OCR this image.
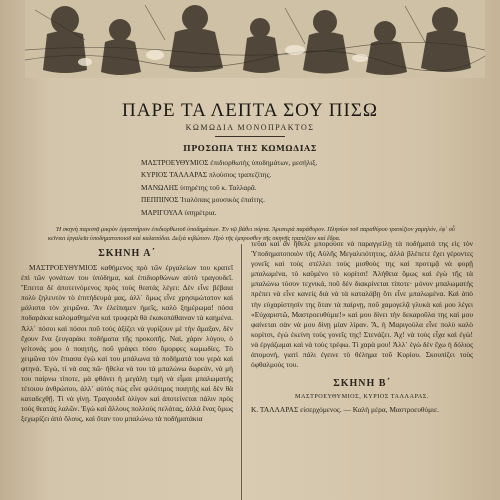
ΠΑΡΕ ΤΑ ΛΕΠΤΑ ΣΟΥ ΠΙΣΩ
ΚΩΜΩΔΙΑ ΜΟΝΟΠΡΑΚΤΟΣ
ΠΡΟΣΩΠΑ ΤΗΣ ΚΩΜΩΔΙΑΣ
ΜΑΣΤΡΟΕΥΘΥΜΙΟΣ ἐπιδιορθωτὴς ὑποδημάτων, μεσήλιξ.
ΚΥΡΙΟΣ ΤΑΛΛΑΡΑΣ πλούσιος τραπεζίτης.
ΜΑΝΩΛΗΣ ὑπηρέτης τοῦ κ. Ταλλαρᾶ.
ΠΕΠΠΙΝΟΣ Ἰταλόπαις μουσικὸς ἐπαίτης.
ΜΑΡΙΓΟΥΛΑ ὑπηρέτρια.

Ἡ σκηνὴ παριστᾷ μικρὸν ἐργαστήριον ἐπιδιορθωτοῦ ὑποδημάτων. Ἐν τῷ βάθει πόρτα. Ἀριστερὰ παράθυρον. Πλησίον τοῦ παραθύρου τραπέζιον χαμηλόν, ἐφ᾽ οὗ κεῖνται ἐργαλεῖα ὑποδηματοποιοῦ καὶ καλαπόδια. Δεξιὰ κιβώτιον. Πρὸ τῆς ἐμπροσθεν τῆς σκηνῆς τραπέζιον καὶ ἕδρα.

ΣΚΗΝΗ Α΄

ΜΑΣΤΡΟΕΥΘΥΜΙΟΣ καθήμενος πρὸ τῶν ἐργαλείων του κρατεῖ ἐπὶ τῶν γονάτων του ὑπόδημα, καὶ ἐπιδιορθώνων αὐτὸ τραγουδεῖ. Ἔπειτα δὲ ἀποτεινόμενος πρὸς τοὺς θεατάς λέγει: Δὲν εἶνε βέβαια πολὺ ζηλευτὸν τὸ ἐπιτήδευμά μας, ἀλλ᾽ ὅμως εἶνε χρησιμώτατον καὶ μάλιστα τὸν χειμῶνα. Ἂν ἐλείπαμεν ἡμεῖς, καλὸ ξημέρωμα! πόσα ποδαράκια καλομαθημένα καὶ τρυφερὰ θὰ ἐκακοπάθαιναν τὰ καημένα. Ἀλλ᾽ πόσοι καὶ πόσοι ποῦ τοὺς ἀξίζει νὰ γυρίζουν μὲ τὴν ἅμαξαν, δὲν ἔχουν ἕνα ζευγαράκι ποδήματα τῆς προκοπῆς. Ναί, χάριν λόγου, ὁ γείτονάς μου ὁ ποιητής, ποῦ γράφει τόσο ὄμορφες κωμωδίες. Τὸ χειμῶνα τὸν ἔπιασα ἐγὼ καὶ του μπάλωνα τὰ ποδήματά του γερὰ καὶ φτηνά. Ἐγώ, τί νὰ σας πῶ· ἤθελα νὰ του τὰ μπαλώνω δωρεάν, νὰ μὴ του παίρνω τίποτε, μὰ φθάνει ἡ μεγάλη τιμὴ νὰ εἶμαι μπαλωματὴς τέτοιου ἀνθρώπου, ἀλλ᾽ αὐτὸς πὼς εἶνε φιλότιμος ποιητής καὶ δὲν θὰ καταδεχθῇ. Τί νὰ γίνῃ. Τραγουδεῖ ὀλίγον καὶ ἀποτείνεται πάλιν πρὸς τοὺς θεατὰς λαλῶν. Ἐγὼ καὶ ἄλλους πολλοὺς πελάτας, ἀλλὰ ἕνας ὅμως ξεχωρίζει ἀπὸ ὅλους, καὶ ὅταν του μπαλώνω τὰ ποδήματάκια

τεῦαι καὶ ἂν ἤθελε μπορούσε νὰ παραγγείλῃ τὰ ποδήματά της εἰς τὸν Ὑποδηματοποιὸν τῆς Αὐλῆς Μεγαλειότητος, ἀλλὰ βλέπετε ἔχει γέροντες γονεῖς καὶ τοὺς στέλλει τοὺς μισθοὺς της καὶ προτιμᾷ νὰ φορῇ μπαλωμένα, τὸ καϋμένο τὸ κορίτσι! Ἀλήθεια ὅμως καὶ ἐγὼ τῆς τὰ μπαλώνω τόσον τεχνικά, ποῦ δὲν διακρίνεται τίποτε· μόνον μπαλωματής πρέπει νὰ εἶνε κανεὶς διὰ νὰ τὰ καταλάβῃ ὅτι εἶνε μπαλωμένα. Καὶ ἀπὸ τὴν εὐχαρίστησίν της ὅταν τὰ παίρνῃ, ποῦ χαμογελᾷ γλυκὰ καὶ μου λέγει «Εὐχαριστῶ, Μαστροευθύμιε!» καὶ μου δίνει τὴν δεκαροῦλα της καὶ μου φαίνεται σὰν νὰ μου δίνῃ μίαν λίραν. Ἄ, ἡ Μαριγούλα εἶνε πολὺ καλὸ κορίτσι, ἐγὼ ἐκείνη τοὺς γονεῖς της! Στενάζει. Ἀχ! νὰ τοὺς εἶχα καὶ ἐγὼ! νὰ ἐργάζωμαι καὶ νὰ τοὺς τρέφω. Τί χαρὰ μου! Ἀλλ᾽ ἐγὼ δὲν ἔχω ἡ δόλιος ἀπομονή, γιατὶ πάλι ἐγεινε τὸ θέλημα τοῦ Κυρίου. Σκουπίζει τοὺς ὀφθαλμούς του.

ΣΚΗΝΗ Β΄
ΜΑΣΤΡΟΕΥΘΥΜΙΟΣ, ΚΥΡΙΟΣ ΤΑΛΛΑΡΑΣ.

Κ. ΤΑΛΛΑΡΑΣ εἰσερχόμενος. — Καλὴ μέρα, Μαστροευθύμιε.
